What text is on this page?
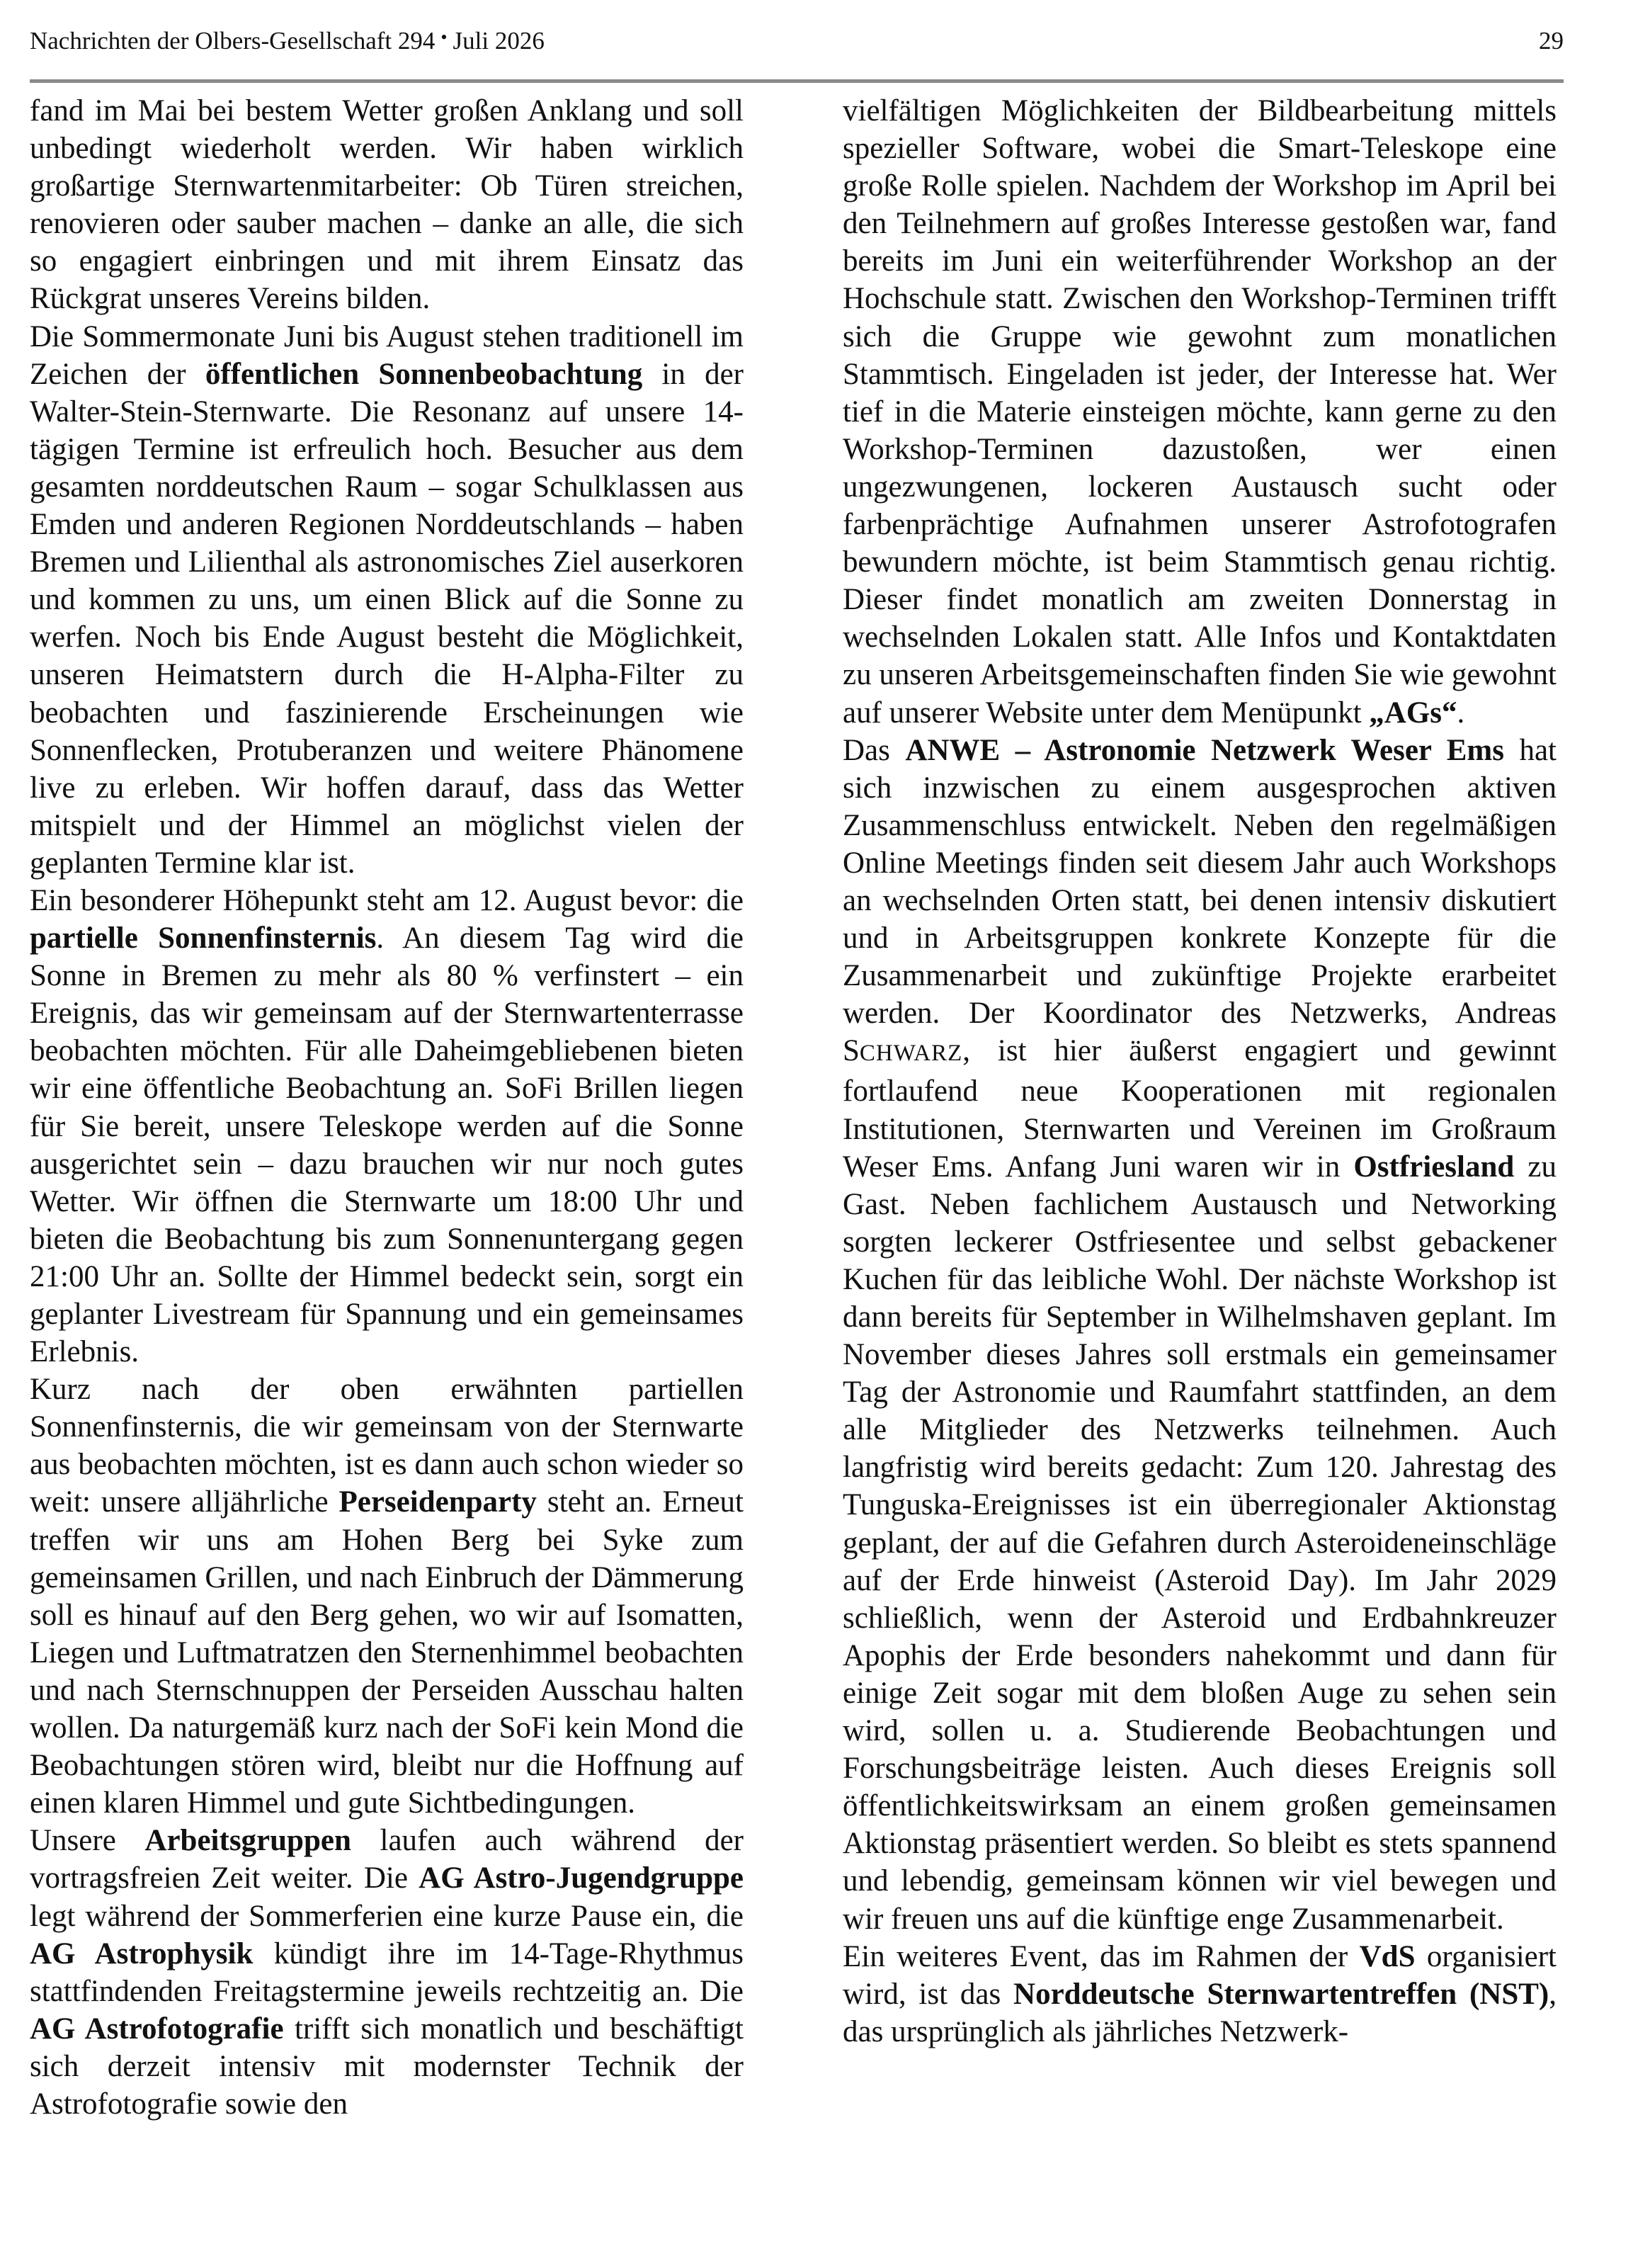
Nachrichten der Olbers-Gesellschaft 294 • Juli 2026	29

fand im Mai bei bestem Wetter großen Anklang und soll unbedingt wiederholt werden. Wir haben wirklich großartige Sternwartenmitarbeiter: Ob Türen streichen, renovieren oder sauber machen – danke an alle, die sich so engagiert einbringen und mit ihrem Einsatz das Rückgrat unseres Vereins bilden.

Die Sommermonate Juni bis August stehen traditionell im Zeichen der öffentlichen Sonnenbeobachtung in der Walter-Stein-Sternwarte. Die Resonanz auf unsere 14-tägigen Termine ist erfreulich hoch. Besucher aus dem gesamten norddeutschen Raum – sogar Schulklassen aus Emden und anderen Regionen Norddeutschlands – haben Bremen und Lilienthal als astronomisches Ziel auserkoren und kommen zu uns, um einen Blick auf die Sonne zu werfen. Noch bis Ende August besteht die Möglichkeit, unseren Heimatstern durch die H-Alpha-Filter zu beobachten und faszinierende Erscheinungen wie Sonnenflecken, Protuberanzen und weitere Phänomene live zu erleben. Wir hoffen darauf, dass das Wetter mitspielt und der Himmel an möglichst vielen der geplanten Termine klar ist.

Ein besonderer Höhepunkt steht am 12. August bevor: die partielle Sonnenfinsternis. An diesem Tag wird die Sonne in Bremen zu mehr als 80 % verfinstert – ein Ereignis, das wir gemeinsam auf der Sternwartenterrasse beobachten möchten. Für alle Daheimgebliebenen bieten wir eine öffentliche Beobachtung an. SoFi Brillen liegen für Sie bereit, unsere Teleskope werden auf die Sonne ausgerichtet sein – dazu brauchen wir nur noch gutes Wetter. Wir öffnen die Sternwarte um 18:00 Uhr und bieten die Beobachtung bis zum Sonnenuntergang gegen 21:00 Uhr an. Sollte der Himmel bedeckt sein, sorgt ein geplanter Livestream für Spannung und ein gemeinsames Erlebnis.

Kurz nach der oben erwähnten partiellen Sonnenfinsternis, die wir gemeinsam von der Sternwarte aus beobachten möchten, ist es dann auch schon wieder so weit: unsere alljährliche Perseidenparty steht an. Erneut treffen wir uns am Hohen Berg bei Syke zum gemeinsamen Grillen, und nach Einbruch der Dämmerung soll es hinauf auf den Berg gehen, wo wir auf Isomatten, Liegen und Luftmatratzen den Sternenhimmel beobachten und nach Sternschnuppen der Perseiden Ausschau halten wollen. Da naturgemäß kurz nach der SoFi kein Mond die Beobachtungen stören wird, bleibt nur die Hoffnung auf einen klaren Himmel und gute Sichtbedingungen.

Unsere Arbeitsgruppen laufen auch während der vortragsfreien Zeit weiter. Die AG Astro-Jugendgruppe legt während der Sommerferien eine kurze Pause ein, die AG Astrophysik kündigt ihre im 14-Tage-Rhythmus stattfindenden Freitagstermine jeweils rechtzeitig an. Die AG Astrofotografie trifft sich monatlich und beschäftigt sich derzeit intensiv mit modernster Technik der Astrofotografie sowie den

vielfältigen Möglichkeiten der Bildbearbeitung mittels spezieller Software, wobei die Smart-Teleskope eine große Rolle spielen. Nachdem der Workshop im April bei den Teilnehmern auf großes Interesse gestoßen war, fand bereits im Juni ein weiterführender Workshop an der Hochschule statt. Zwischen den Workshop-Terminen trifft sich die Gruppe wie gewohnt zum monatlichen Stammtisch. Eingeladen ist jeder, der Interesse hat. Wer tief in die Materie einsteigen möchte, kann gerne zu den Workshop-Terminen dazustoßen, wer einen ungezwungenen, lockeren Austausch sucht oder farbenprächtige Aufnahmen unserer Astrofotografen bewundern möchte, ist beim Stammtisch genau richtig. Dieser findet monatlich am zweiten Donnerstag in wechselnden Lokalen statt. Alle Infos und Kontaktdaten zu unseren Arbeitsgemeinschaften finden Sie wie gewohnt auf unserer Website unter dem Menüpunkt „AGs“.

Das ANWE – Astronomie Netzwerk Weser Ems hat sich inzwischen zu einem ausgesprochen aktiven Zusammenschluss entwickelt. Neben den regelmäßigen Online Meetings finden seit diesem Jahr auch Workshops an wechselnden Orten statt, bei denen intensiv diskutiert und in Arbeitsgruppen konkrete Konzepte für die Zusammenarbeit und zukünftige Projekte erarbeitet werden. Der Koordinator des Netzwerks, Andreas SCHWARZ, ist hier äußerst engagiert und gewinnt fortlaufend neue Kooperationen mit regionalen Institutionen, Sternwarten und Vereinen im Großraum Weser Ems. Anfang Juni waren wir in Ostfriesland zu Gast. Neben fachlichem Austausch und Networking sorgten leckerer Ostfriesentee und selbst gebackener Kuchen für das leibliche Wohl. Der nächste Workshop ist dann bereits für September in Wilhelmshaven geplant. Im November dieses Jahres soll erstmals ein gemeinsamer Tag der Astronomie und Raumfahrt stattfinden, an dem alle Mitglieder des Netzwerks teilnehmen. Auch langfristig wird bereits gedacht: Zum 120. Jahrestag des Tunguska-Ereignisses ist ein überregionaler Aktionstag geplant, der auf die Gefahren durch Asteroideneinschläge auf der Erde hinweist (Asteroid Day). Im Jahr 2029 schließlich, wenn der Asteroid und Erdbahnkreuzer Apophis der Erde besonders nahekommt und dann für einige Zeit sogar mit dem bloßen Auge zu sehen sein wird, sollen u. a. Studierende Beobachtungen und Forschungsbeiträge leisten. Auch dieses Ereignis soll öffentlichkeitswirksam an einem großen gemeinsamen Aktionstag präsentiert werden. So bleibt es stets spannend und lebendig, gemeinsam können wir viel bewegen und wir freuen uns auf die künftige enge Zusammenarbeit.

Ein weiteres Event, das im Rahmen der VdS organisiert wird, ist das Norddeutsche Sternwartentreffen (NST), das ursprünglich als jährliches Netzwerk-
